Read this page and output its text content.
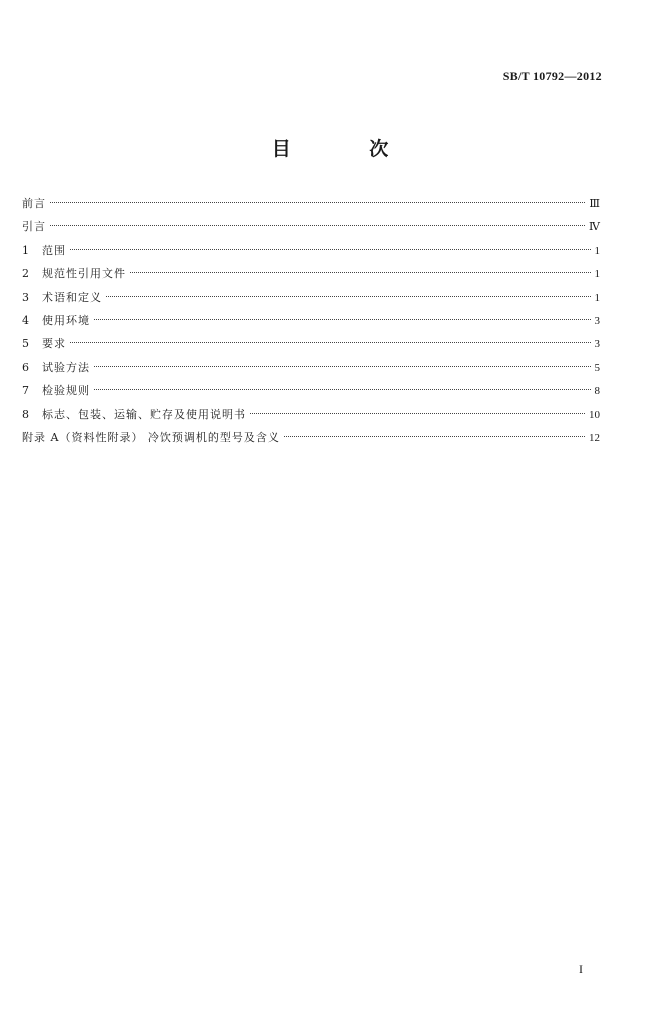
SB/T 10792—2012
目 次
前言	Ⅲ
引言	Ⅳ
1	范围	1
2	规范性引用文件	1
3	术语和定义	1
4	使用环境	3
5	要求	3
6	试验方法	5
7	检验规则	8
8	标志、包装、运输、贮存及使用说明书	10
附录 A（资料性附录） 冷饮预调机的型号及含义	12
I
